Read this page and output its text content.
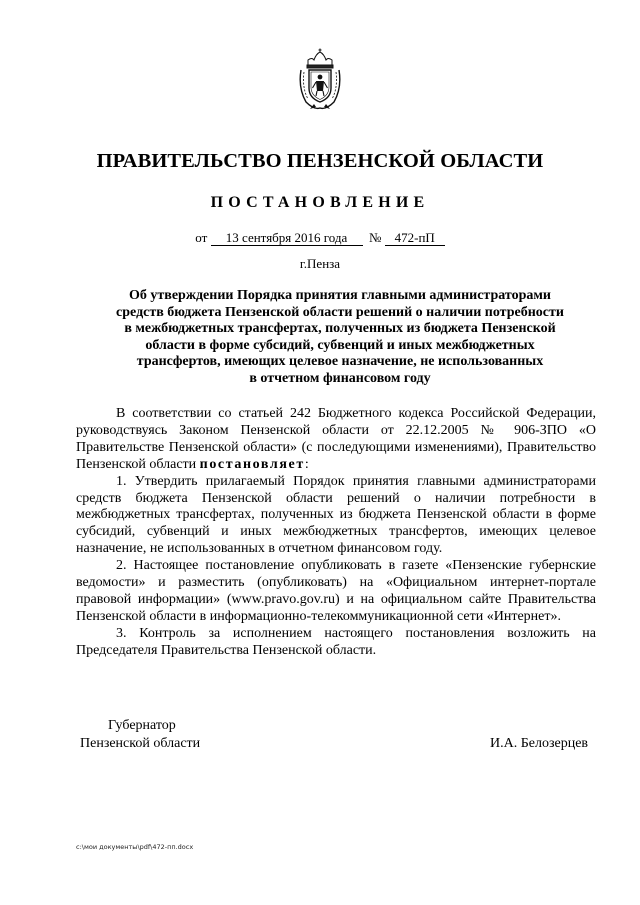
ПРАВИТЕЛЬСТВО ПЕНЗЕНСКОЙ ОБЛАСТИ
ПОСТАНОВЛЕНИЕ
от 13 сентября 2016 года № 472-пП
г.Пенза
Об утверждении Порядка принятия главными администраторами
средств бюджета Пензенской области решений о наличии потребности
в межбюджетных трансфертах, полученных из бюджета Пензенской
области в форме субсидий, субвенций и иных межбюджетных
трансфертов, имеющих целевое назначение, не использованных
в отчетном финансовом году

В соответствии со статьей 242 Бюджетного кодекса Российской Федерации, руководствуясь Законом Пензенской области от 22.12.2005 № 906-ЗПО «О Правительстве Пензенской области» (с последующими изменениями), Правительство Пензенской области постановляет:

1. Утвердить прилагаемый Порядок принятия главными администраторами средств бюджета Пензенской области решений о наличии потребности в межбюджетных трансфертах, полученных из бюджета Пензенской области в форме субсидий, субвенций и иных межбюджетных трансфертов, имеющих целевое назначение, не использованных в отчетном финансовом году.

2. Настоящее постановление опубликовать в газете «Пензенские губернские ведомости» и разместить (опубликовать) на «Официальном интернет-портале правовой информации» (www.pravo.gov.ru) и на официальном сайте Правительства Пензенской области в информационно-телекоммуникационной сети «Интернет».

3. Контроль за исполнением настоящего постановления возложить на Председателя Правительства Пензенской области.

Губернатор
Пензенской области	И.А. Белозерцев
c:\мои документы\pdf\472-пп.docx
